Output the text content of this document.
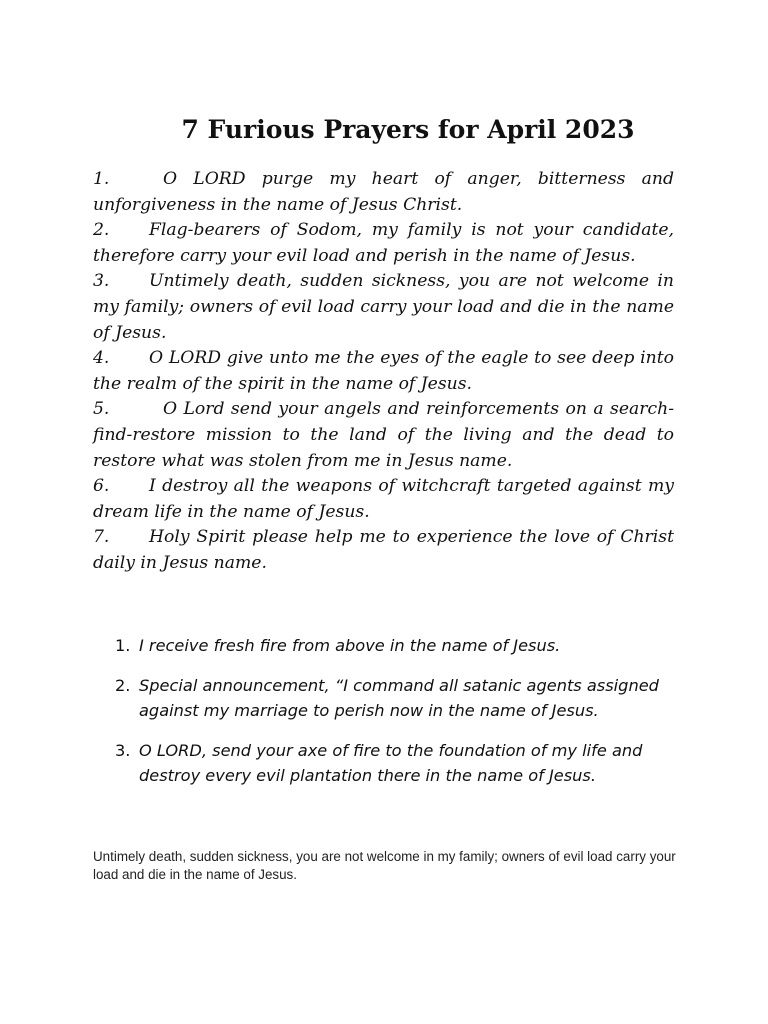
7 Furious Prayers for April 2023

1.	O LORD purge my heart of anger, bitterness and unforgiveness in the name of Jesus Christ.

2. Flag-bearers of Sodom, my family is not your candidate, therefore carry your evil load and perish in the name of Jesus.

3. Untimely death, sudden sickness, you are not welcome in my family; owners of evil load carry your load and die in the name of Jesus.

4. O LORD give unto me the eyes of the eagle to see deep into the realm of the spirit in the name of Jesus.

5.	O Lord send your angels and reinforcements on a search-find-restore mission to the land of the living and the dead to restore what was stolen from me in Jesus name.

6. I destroy all the weapons of witchcraft targeted against my dream life in the name of Jesus.

7. Holy Spirit please help me to experience the love of Christ daily in Jesus name.

1. I receive fresh fire from above in the name of Jesus.
2. Special announcement, “I command all satanic agents assigned against my marriage to perish now in the name of Jesus.
3. O LORD, send your axe of fire to the foundation of my life and destroy every evil plantation there in the name of Jesus.

Untimely death, sudden sickness, you are not welcome in my family; owners of evil load carry your load and die in the name of Jesus.
